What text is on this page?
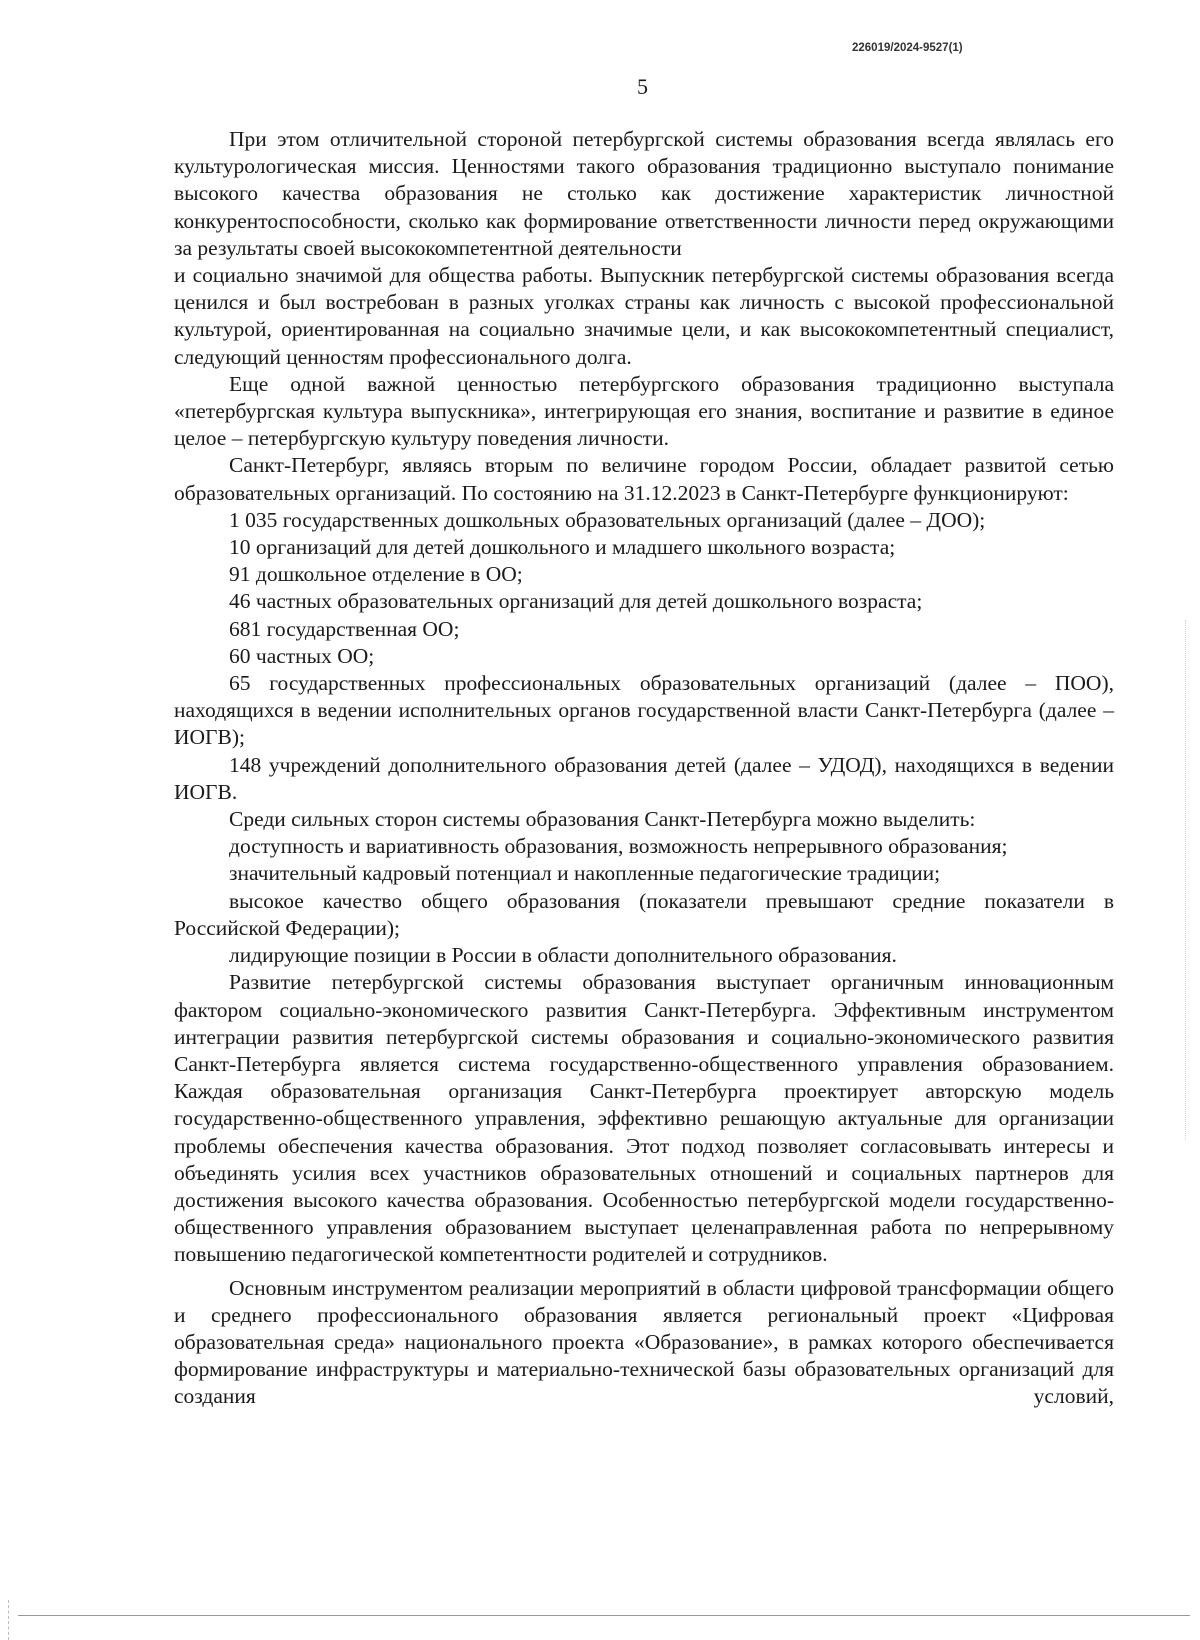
226019/2024-9527(1)
5

При этом отличительной стороной петербургской системы образования всегда являлась его культурологическая миссия. Ценностями такого образования традиционно выступало понимание высокого качества образования не столько как достижение характеристик личностной конкурентоспособности, сколько как формирование ответственности личности перед окружающими за результаты своей высококомпетентной деятельности

и социально значимой для общества работы. Выпускник петербургской системы образования всегда ценился и был востребован в разных уголках страны как личность с высокой профессиональной культурой, ориентированная на социально значимые цели, и как высококомпетентный специалист, следующий ценностям профессионального долга.

Еще одной важной ценностью петербургского образования традиционно выступала «петербургская культура выпускника», интегрирующая его знания, воспитание и развитие в единое целое – петербургскую культуру поведения личности.

Санкт-Петербург, являясь вторым по величине городом России, обладает развитой сетью образовательных организаций. По состоянию на 31.12.2023 в Санкт-Петербурге функционируют:

1 035 государственных дошкольных образовательных организаций (далее – ДОО);

10 организаций для детей дошкольного и младшего школьного возраста;

91 дошкольное отделение в ОО;

46 частных образовательных организаций для детей дошкольного возраста;

681 государственная ОО;

60 частных ОО;

65 государственных профессиональных образовательных организаций (далее – ПОО), находящихся в ведении исполнительных органов государственной власти Санкт-Петербурга (далее – ИОГВ);

148 учреждений дополнительного образования детей (далее – УДОД), находящихся в ведении ИОГВ.

Среди сильных сторон системы образования Санкт-Петербурга можно выделить:

доступность и вариативность образования, возможность непрерывного образования;

значительный кадровый потенциал и накопленные педагогические традиции;

высокое качество общего образования (показатели превышают средние показатели в Российской Федерации);

лидирующие позиции в России в области дополнительного образования.

Развитие петербургской системы образования выступает органичным инновационным фактором социально-экономического развития Санкт-Петербурга. Эффективным инструментом интеграции развития петербургской системы образования и социально-экономического развития Санкт-Петербурга является система государственно-общественного управления образованием. Каждая образовательная организация Санкт-Петербурга проектирует авторскую модель государственно-общественного управления, эффективно решающую актуальные для организации проблемы обеспечения качества образования. Этот подход позволяет согласовывать интересы и объединять усилия всех участников образовательных отношений и социальных партнеров для достижения высокого качества образования. Особенностью петербургской модели государственно-общественного управления образованием выступает целенаправленная работа по непрерывному повышению педагогической компетентности родителей и сотрудников.

Основным инструментом реализации мероприятий в области цифровой трансформации общего и среднего профессионального образования является региональный проект «Цифровая образовательная среда» национального проекта «Образование», в рамках которого обеспечивается формирование инфраструктуры и материально-технической базы образовательных организаций для создания условий,
